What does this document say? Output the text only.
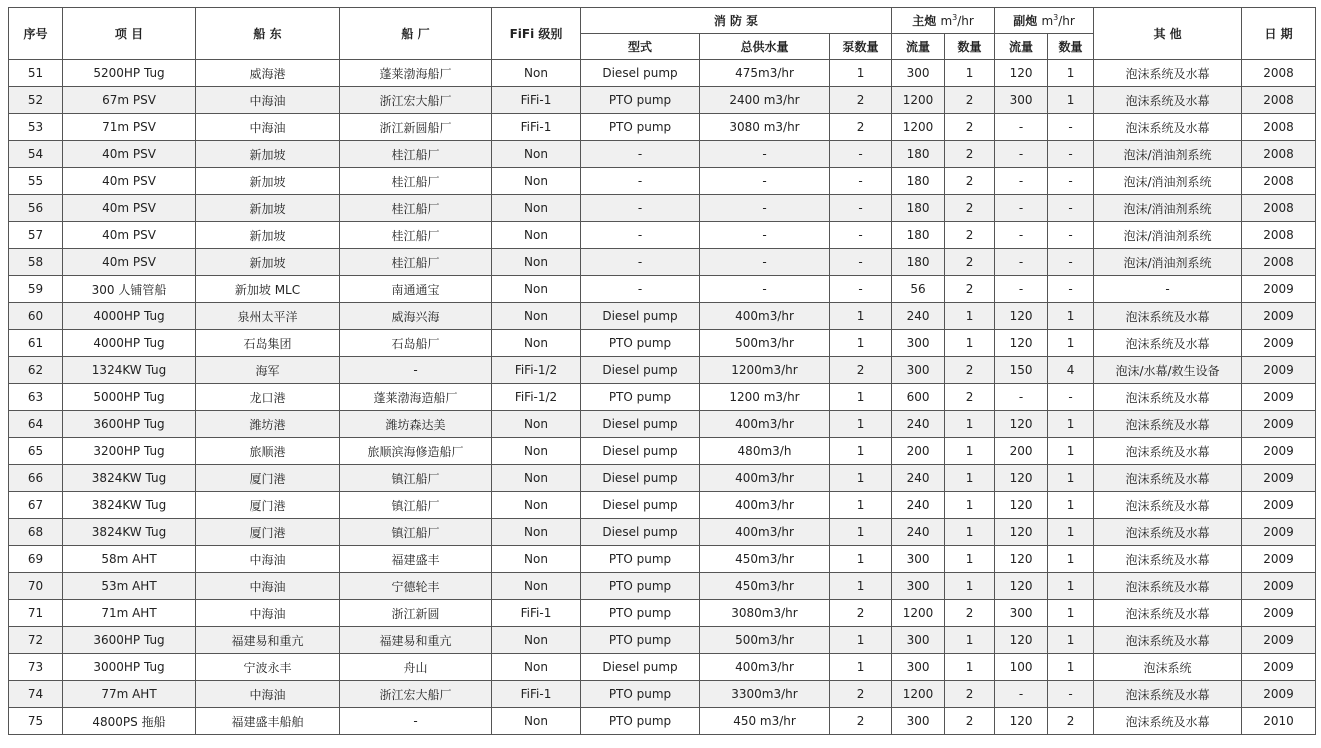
序号	项 目	船 东	船 厂	FiFi 级别	消 防 泵			主炮 $m^3/hr$		副炮 $m^3/hr$		其 他	日 期
					型式	总供水量	泵数量	流量	数量	流量	数量		
51	5200HP Tug	威海港	蓬莱渤海船厂	Non	Diesel pump	475m3/hr	1	300	1	120	1	泡沫系统及水幕	2008
52	67m PSV	中海油	浙江宏大船厂	FiFi-1	PTO pump	2400 m3/hr	2	1200	2	300	1	泡沫系统及水幕	2008
53	71m PSV	中海油	浙江新圆船厂	FiFi-1	PTO pump	3080 m3/hr	2	1200	2	-	-	泡沫系统及水幕	2008
54	40m PSV	新加坡	桂江船厂	Non	-	-	-	180	2	-	-	泡沫/消油剂系统	2008
55	40m PSV	新加坡	桂江船厂	Non	-	-	-	180	2	-	-	泡沫/消油剂系统	2008
56	40m PSV	新加坡	桂江船厂	Non	-	-	-	180	2	-	-	泡沫/消油剂系统	2008
57	40m PSV	新加坡	桂江船厂	Non	-	-	-	180	2	-	-	泡沫/消油剂系统	2008
58	40m PSV	新加坡	桂江船厂	Non	-	-	-	180	2	-	-	泡沫/消油剂系统	2008
59	300 人铺管船	新加坡 MLC	南通通宝	Non	-	-	-	56	2	-	-	-	2009
60	4000HP Tug	泉州太平洋	威海兴海	Non	Diesel pump	400m3/hr	1	240	1	120	1	泡沫系统及水幕	2009
61	4000HP Tug	石岛集团	石岛船厂	Non	PTO pump	500m3/hr	1	300	1	120	1	泡沫系统及水幕	2009
62	1324KW Tug	海军	-	FiFi-1/2	Diesel pump	1200m3/hr	2	300	2	150	4	泡沫/水幕/救生设备	2009
63	5000HP Tug	龙口港	蓬莱渤海造船厂	FiFi-1/2	PTO pump	1200 m3/hr	1	600	2	-	-	泡沫系统及水幕	2009
64	3600HP Tug	潍坊港	潍坊森达美	Non	Diesel pump	400m3/hr	1	240	1	120	1	泡沫系统及水幕	2009
65	3200HP Tug	旅顺港	旅顺滨海修造船厂	Non	Diesel pump	480m3/h	1	200	1	200	1	泡沫系统及水幕	2009
66	3824KW Tug	厦门港	镇江船厂	Non	Diesel pump	400m3/hr	1	240	1	120	1	泡沫系统及水幕	2009
67	3824KW Tug	厦门港	镇江船厂	Non	Diesel pump	400m3/hr	1	240	1	120	1	泡沫系统及水幕	2009
68	3824KW Tug	厦门港	镇江船厂	Non	Diesel pump	400m3/hr	1	240	1	120	1	泡沫系统及水幕	2009
69	58m AHT	中海油	福建盛丰	Non	PTO pump	450m3/hr	1	300	1	120	1	泡沫系统及水幕	2009
70	53m AHT	中海油	宁德轮丰	Non	PTO pump	450m3/hr	1	300	1	120	1	泡沫系统及水幕	2009
71	71m AHT	中海油	浙江新圆	FiFi-1	PTO pump	3080m3/hr	2	1200	2	300	1	泡沫系统及水幕	2009
72	3600HP Tug	福建易和重亢	福建易和重亢	Non	PTO pump	500m3/hr	1	300	1	120	1	泡沫系统及水幕	2009
73	3000HP Tug	宁波永丰	舟山	Non	Diesel pump	400m3/hr	1	300	1	100	1	泡沫系统	2009
74	77m AHT	中海油	浙江宏大船厂	FiFi-1	PTO pump	3300m3/hr	2	1200	2	-	-	泡沫系统及水幕	2009
75	4800PS 拖船	福建盛丰船舶	-	Non	PTO pump	450 m3/hr	2	300	2	120	2	泡沫系统及水幕	2010
